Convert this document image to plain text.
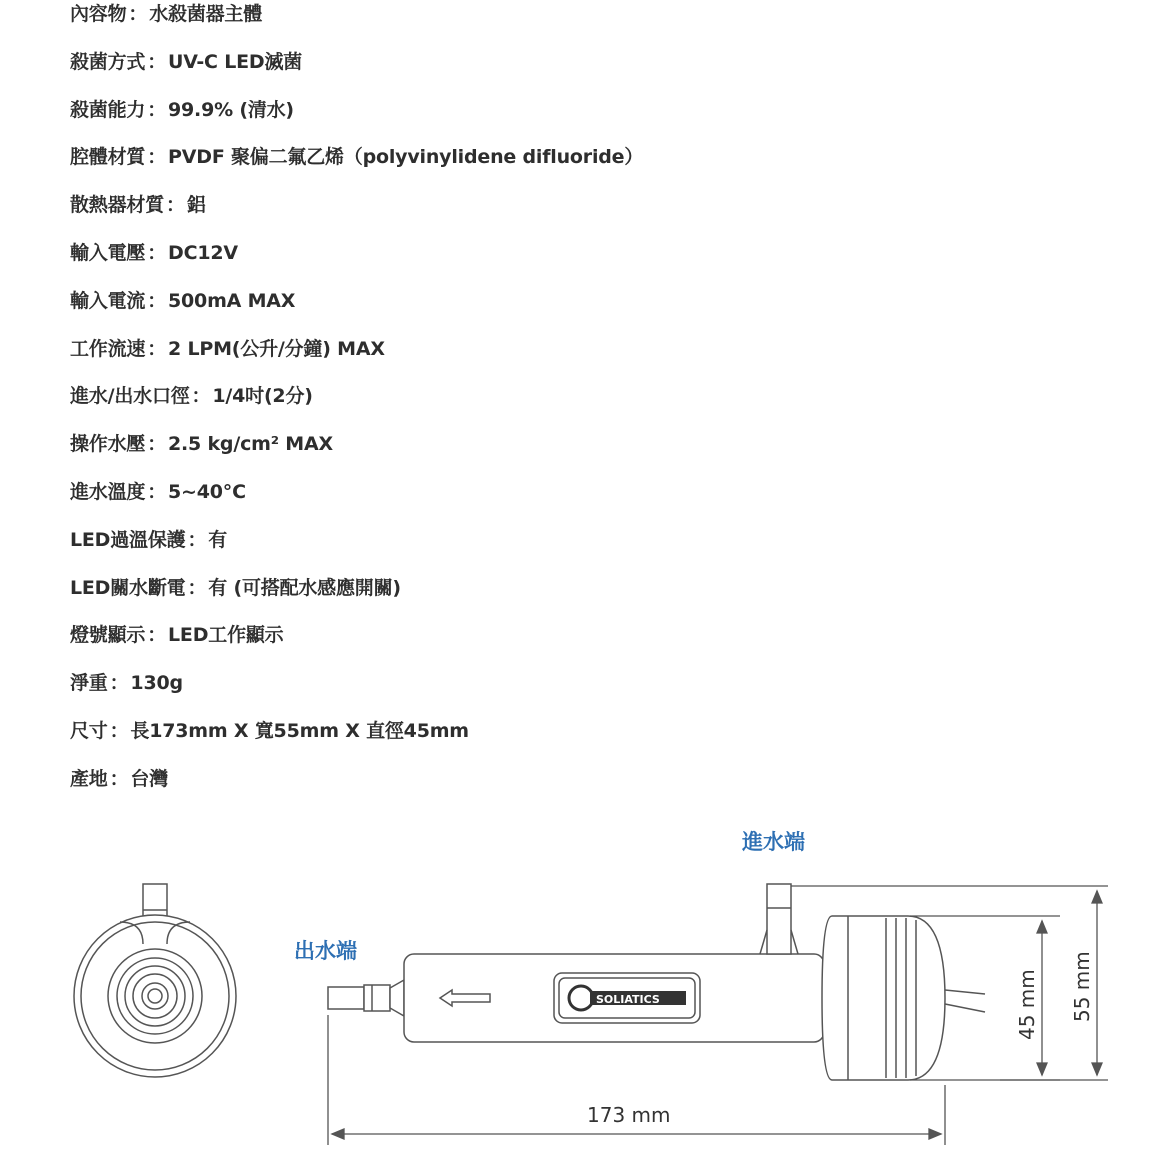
內容物 ： 水殺菌器主體
殺菌方式 ： UV-C LED滅菌
殺菌能力 ： 99.9% (清水)
腔體材質 ： PVDF 聚偏二氟乙烯（polyvinylidene difluoride）
散熱器材質 ： 鋁
輸入電壓 ： DC12V
輸入電流 ： 500mA MAX
工作流速 ： 2 LPM(公升/分鐘) MAX
進水/出水口徑 ： 1/4吋(2分)
操作水壓 ： 2.5 kg/cm² MAX
進水溫度 ： 5~40°C
LED過溫保護 ： 有
LED關水斷電 ： 有 (可搭配水感應開關)
燈號顯示 ： LED工作顯示
淨重 ： 130g
尺寸 ： 長173mm X 寬55mm X 直徑45mm
產地 ： 台灣
SOLIATICS
進水端
出水端
173 mm
45 mm 55 mm
